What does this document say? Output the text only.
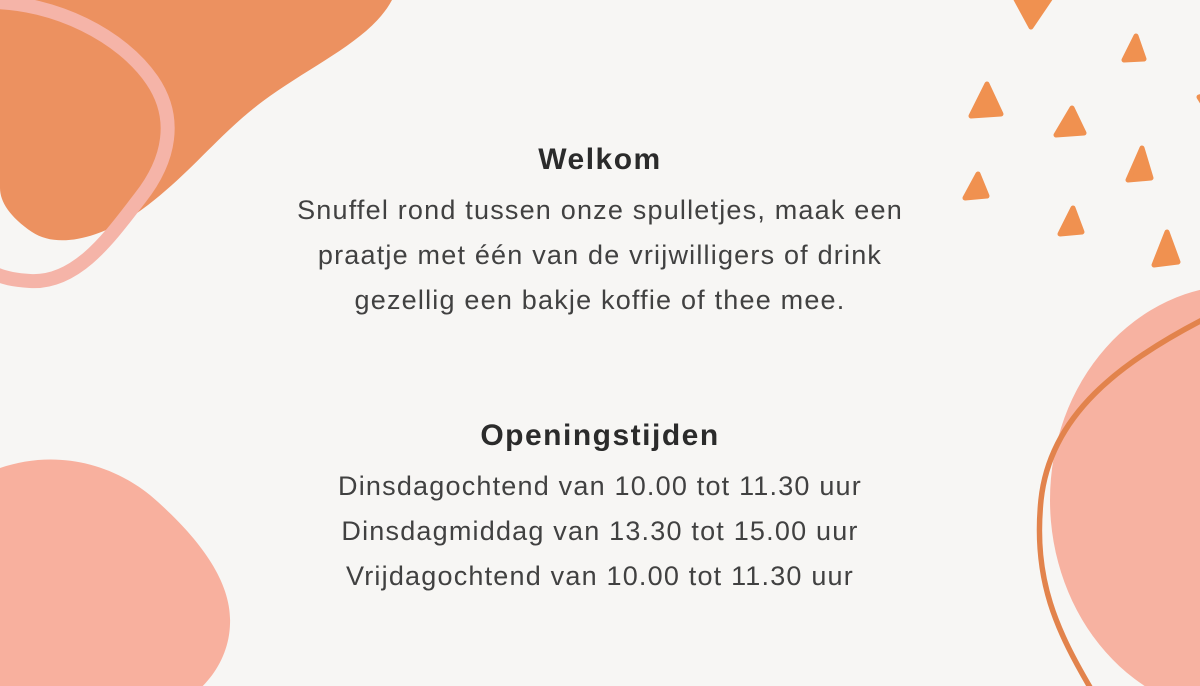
Welkom

Snuffel rond tussen onze spulletjes, maak een

praatje met één van de vrijwilligers of drink

gezellig een bakje koffie of thee mee.

Openingstijden

Dinsdagochtend van 10.00 tot 11.30 uur

Dinsdagmiddag van 13.30 tot 15.00 uur

Vrijdagochtend van 10.00 tot 11.30 uur
